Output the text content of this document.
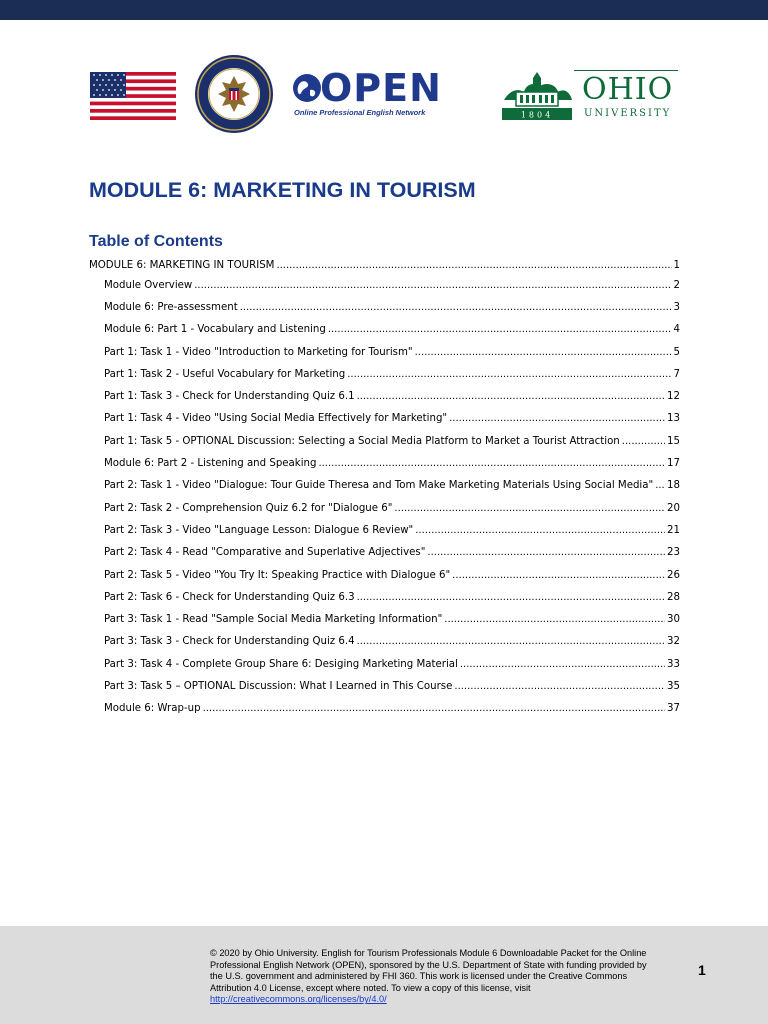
OPEN
Online Professional English Network	1804
OHIO
UNIVERSITY
MODULE 6: MARKETING IN TOURISM
Table of Contents
MODULE 6: MARKETING IN TOURISM .....	1
Module Overview .....	2
Module 6: Pre-assessment .....	3
Module 6: Part 1 - Vocabulary and Listening .....	4
Part 1: Task 1 - Video "Introduction to Marketing for Tourism" .....	5
Part 1: Task 2 - Useful Vocabulary for Marketing .....	7
Part 1: Task 3 - Check for Understanding Quiz 6.1 .....	12
Part 1: Task 4 - Video "Using Social Media Effectively for Marketing" .....	13
Part 1: Task 5 - OPTIONAL Discussion: Selecting a Social Media Platform to Market a Tourist Attraction .....	15
Module 6: Part 2 - Listening and Speaking .....	17
Part 2: Task 1 - Video "Dialogue: Tour Guide Theresa and Tom Make Marketing Materials Using Social Media" ..... 18
Part 2: Task 2 - Comprehension Quiz 6.2 for "Dialogue 6" .....	20
Part 2: Task 3 - Video "Language Lesson: Dialogue 6 Review" .....	21
Part 2: Task 4 - Read "Comparative and Superlative Adjectives" .....	23
Part 2: Task 5 - Video "You Try It: Speaking Practice with Dialogue 6" .....	26
Part 2: Task 6 - Check for Understanding Quiz 6.3 .....	28
Part 3: Task 1 - Read "Sample Social Media Marketing Information" .....	30
Part 3: Task 3 - Check for Understanding Quiz 6.4 .....	32
Part 3: Task 4 - Complete Group Share 6: Desiging Marketing Material .....	33
Part 3: Task 5 – OPTIONAL Discussion: What I Learned in This Course .....	35
Module 6: Wrap-up .....	37
© 2020 by Ohio University. English for Tourism Professionals Module 6 Downloadable Packet for the Online Professional English Network (OPEN), sponsored by the U.S. Department of State with funding provided by the U.S. government and administered by FHI 360. This work is licensed under the Creative Commons Attribution 4.0 License, except where noted. To view a copy of this license, visit http://creativecommons.org/licenses/by/4.0/
1
